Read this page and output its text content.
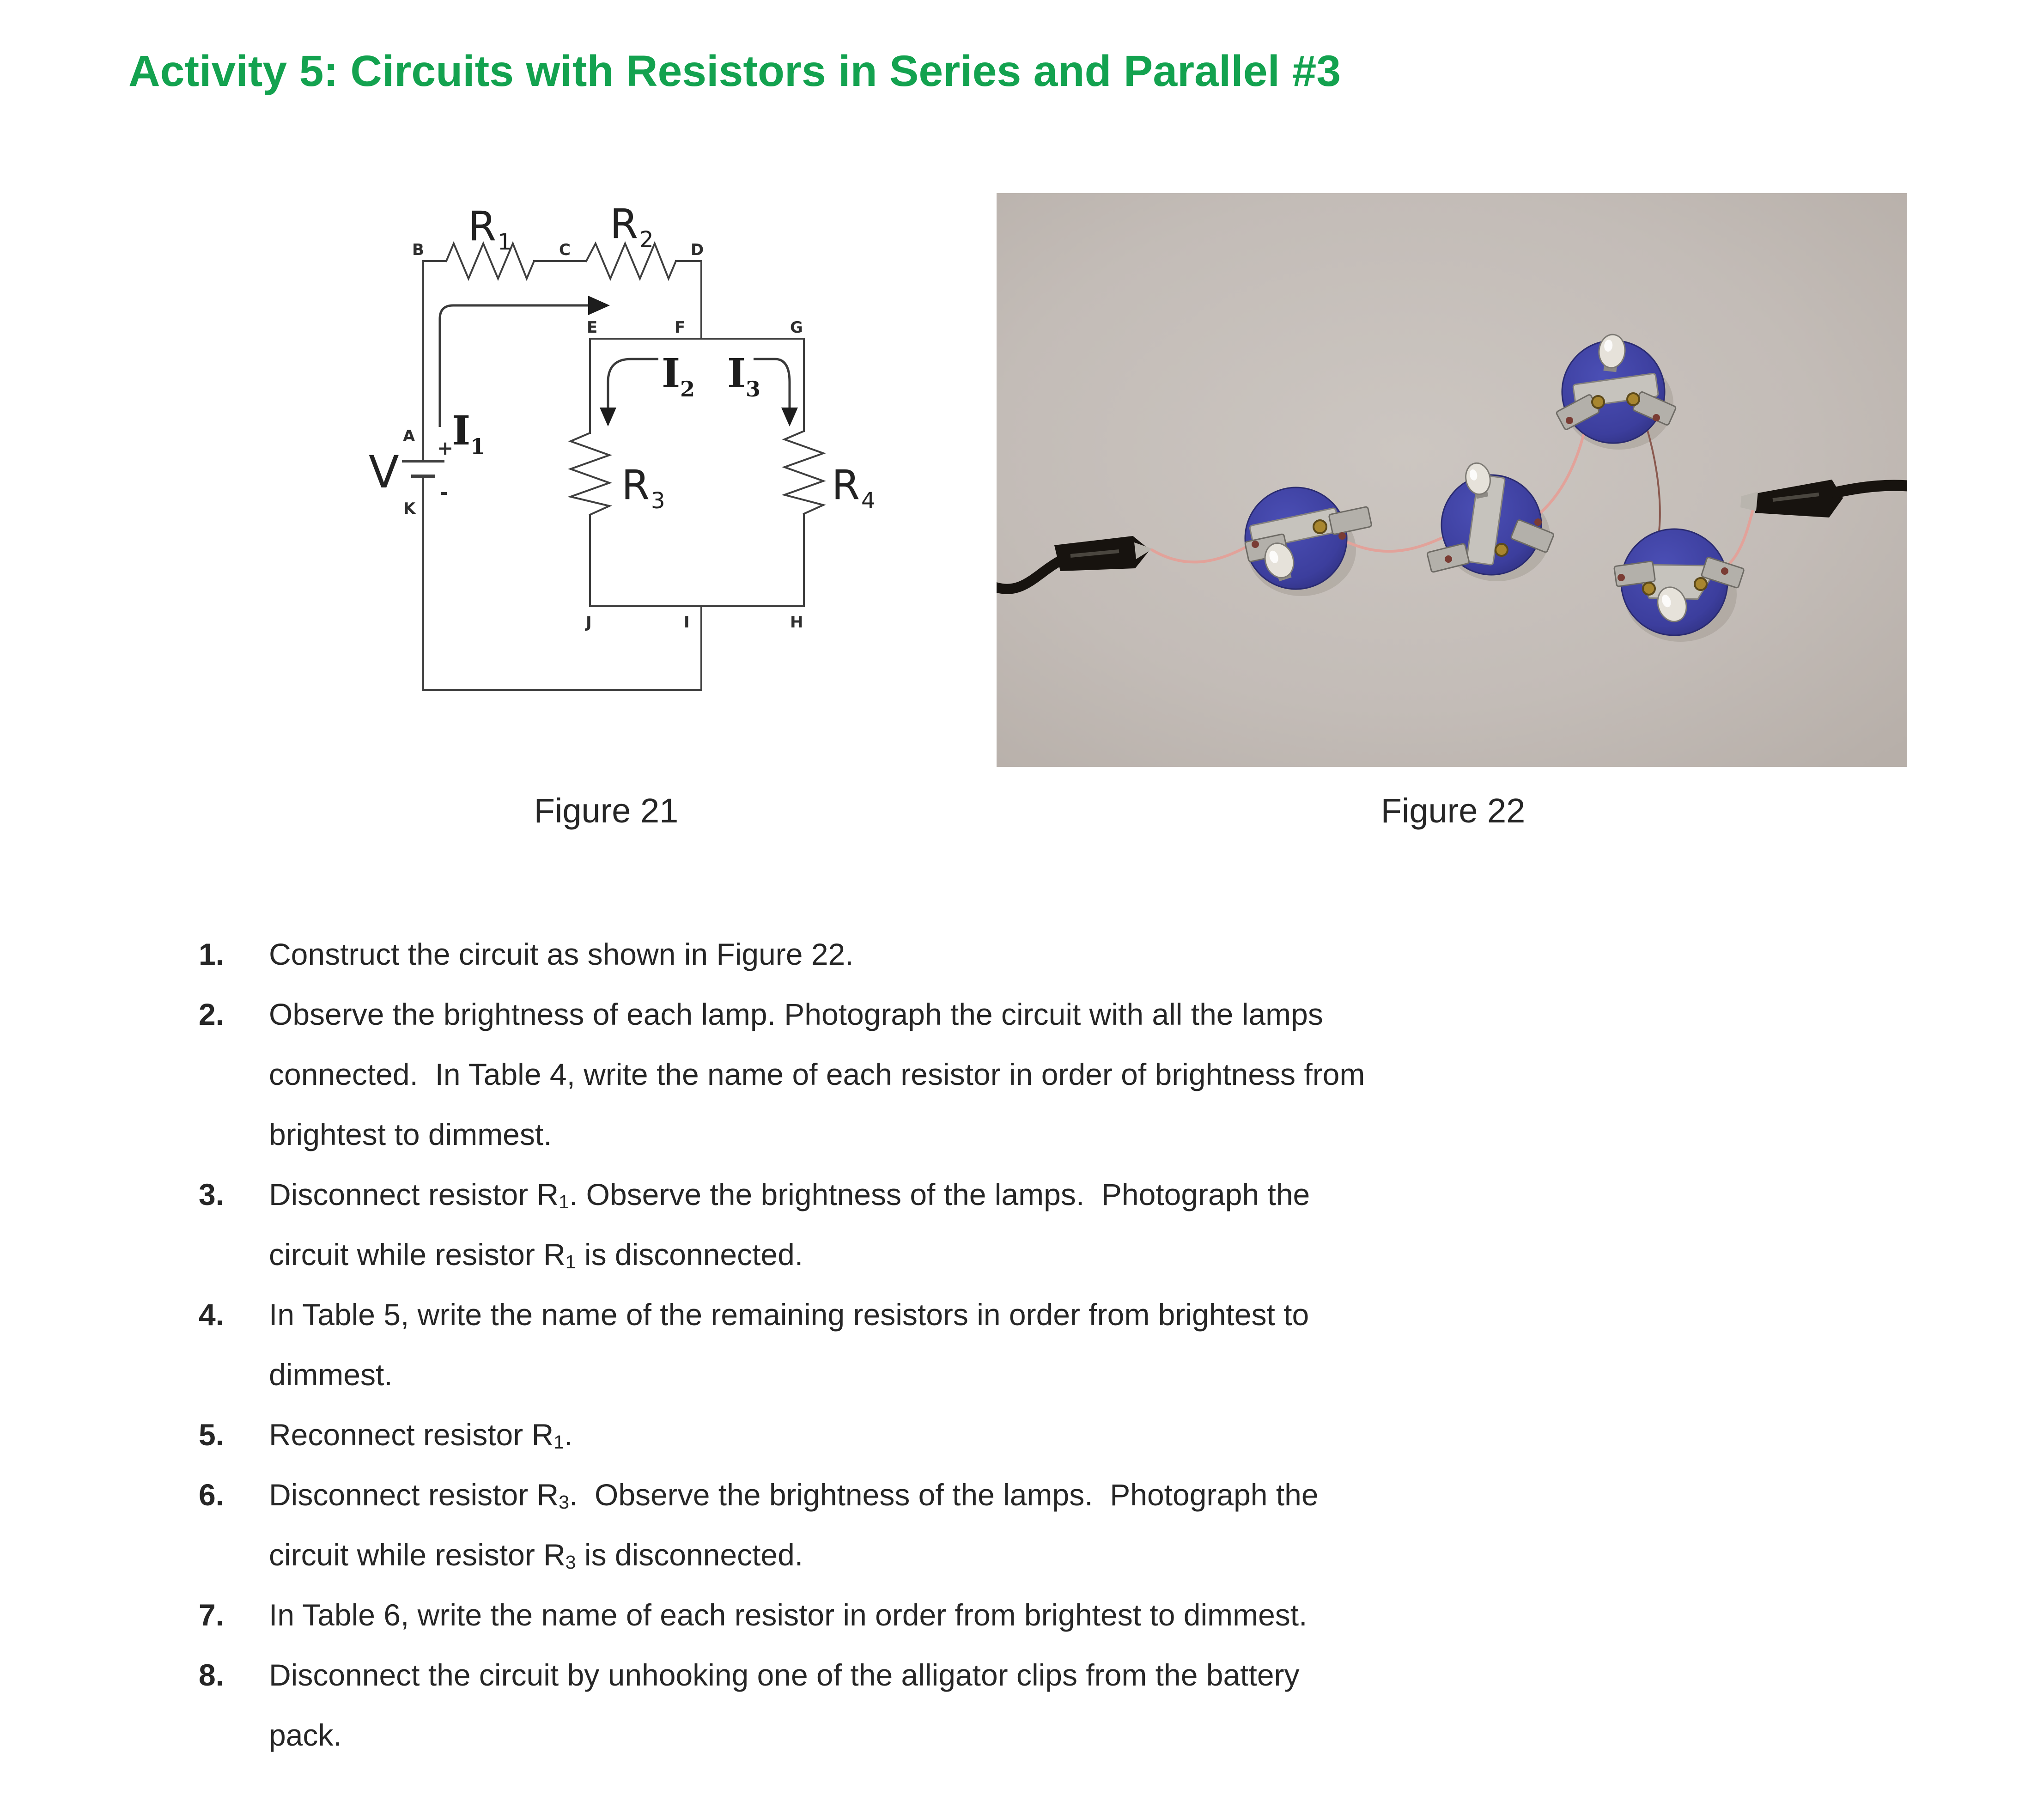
Activity 5: Circuits with Resistors in Series and Parallel #3
B	C	D
E	F	G
A
K
J	I	H
R 1 R 2
R 3	R 4
I 1
I 2 I 3
V +
-
Figure 21	Figure 22
1.	Construct the circuit as shown in Figure 22.
2.	Observe the brightness of each lamp. Photograph the circuit with all the lamps
connected.  In Table 4, write the name of each resistor in order of brightness from
brightest to dimmest.
3.	Disconnect resistor $R_1$. Observe the brightness of the lamps.  Photograph the
circuit while resistor $R_1$ is disconnected.
4.	In Table 5, write the name of the remaining resistors in order from brightest to
dimmest.
5.	Reconnect resistor $R_1$.
6.	Disconnect resistor $R_3$.  Observe the brightness of the lamps.  Photograph the
circuit while resistor $R_3$ is disconnected.
7.	In Table 6, write the name of each resistor in order from brightest to dimmest.
8.	Disconnect the circuit by unhooking one of the alligator clips from the battery
pack.
